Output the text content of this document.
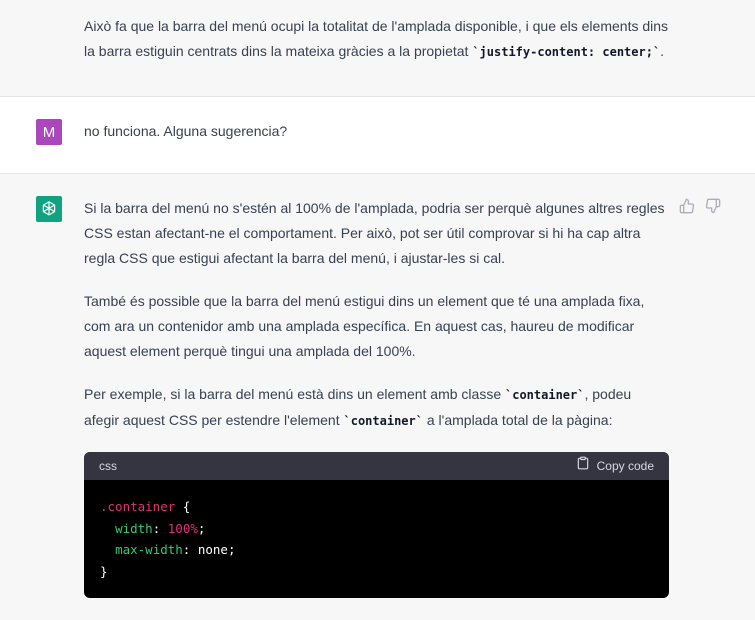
Això fa que la barra del menú ocupi la totalitat de l'amplada disponible, i que els elements dins
la barra estiguin centrats dins la mateixa gràcies a la propietat `justify-content: center;`.
M	no funciona. Alguna sugerencia?

Si la barra del menú no s'estén al 100% de l'amplada, podria ser perquè algunes altres regles CSS estan afectant-ne el comportament. Per això, pot ser útil comprovar si hi ha cap altra regla CSS que estigui afectant la barra del menú, i ajustar-les si cal.

També és possible que la barra del menú estigui dins un element que té una amplada fixa, com ara un contenidor amb una amplada específica. En aquest cas, haureu de modificar aquest element perquè tingui una amplada del 100%.

Per exemple, si la barra del menú està dins un element amb classe `container`, podeu afegir aquest CSS per estendre l'element `container` a l'amplada total de la pàgina:

css	Copy code
.container {
width: 100%;
max-width: none;
}
